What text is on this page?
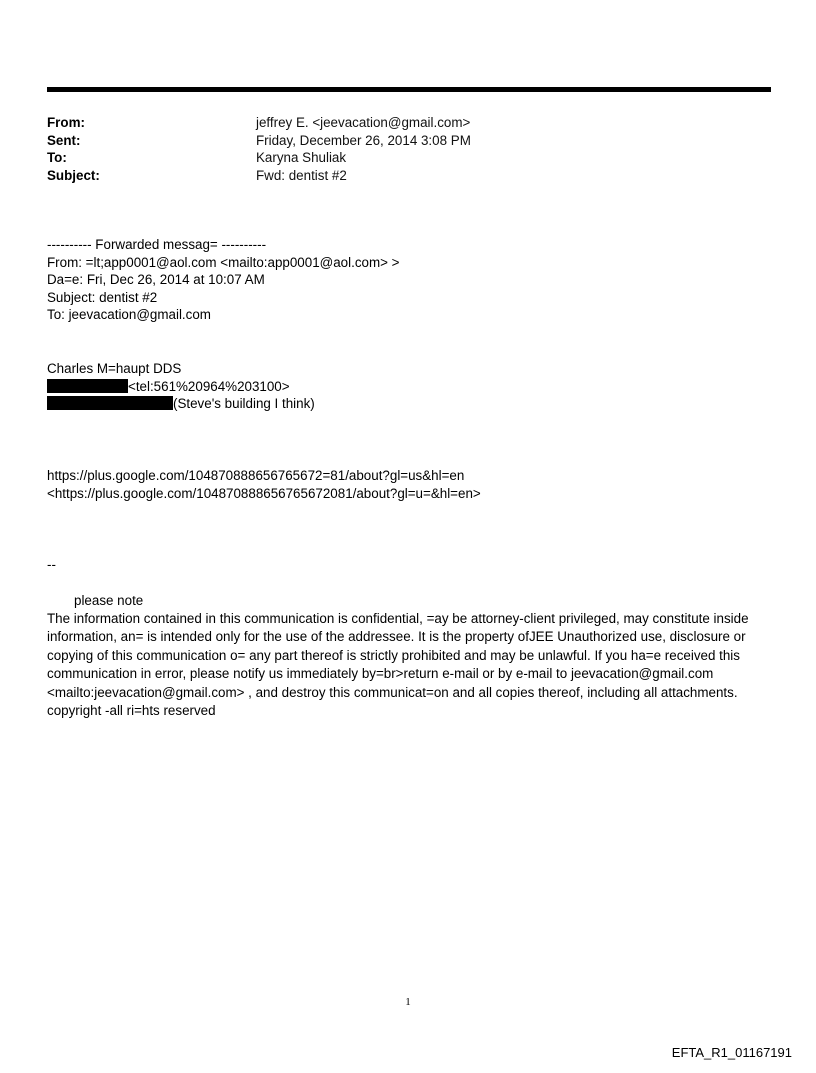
From:	jeffrey E. <jeevacation@gmail.com>
Sent:	Friday, December 26, 2014 3:08 PM
To:	Karyna Shuliak
Subject:	Fwd: dentist #2
---------- Forwarded messag= ----------
From: =lt;app0001@aol.com <mailto:app0001@aol.com> >
Da=e: Fri, Dec 26, 2014 at 10:07 AM
Subject: dentist #2
To: jeevacation@gmail.com
Charles M=haupt DDS
<tel:561%20964%203100>
(Steve's building I think)
https://plus.google.com/104870888656765672=81/about?gl=us&hl=en
<https://plus.google.com/104870888656765672081/about?gl=u=&hl=en>
--
please note
The information contained in this communication is confidential, =ay be attorney-client privileged, may constitute inside information, an= is intended only for the use of the addressee. It is the property ofJEE Unauthorized use, disclosure or copying of this communication o= any part thereof is strictly prohibited and may be unlawful. If you ha=e received this communication in error, please notify us immediately by=br>return e-mail or by e-mail to jeevacation@gmail.com <mailto:jeevacation@gmail.com> , and destroy this communicat=on and all copies thereof, including all attachments. copyright -all ri=hts reserved
1
EFTA_R1_01167191
